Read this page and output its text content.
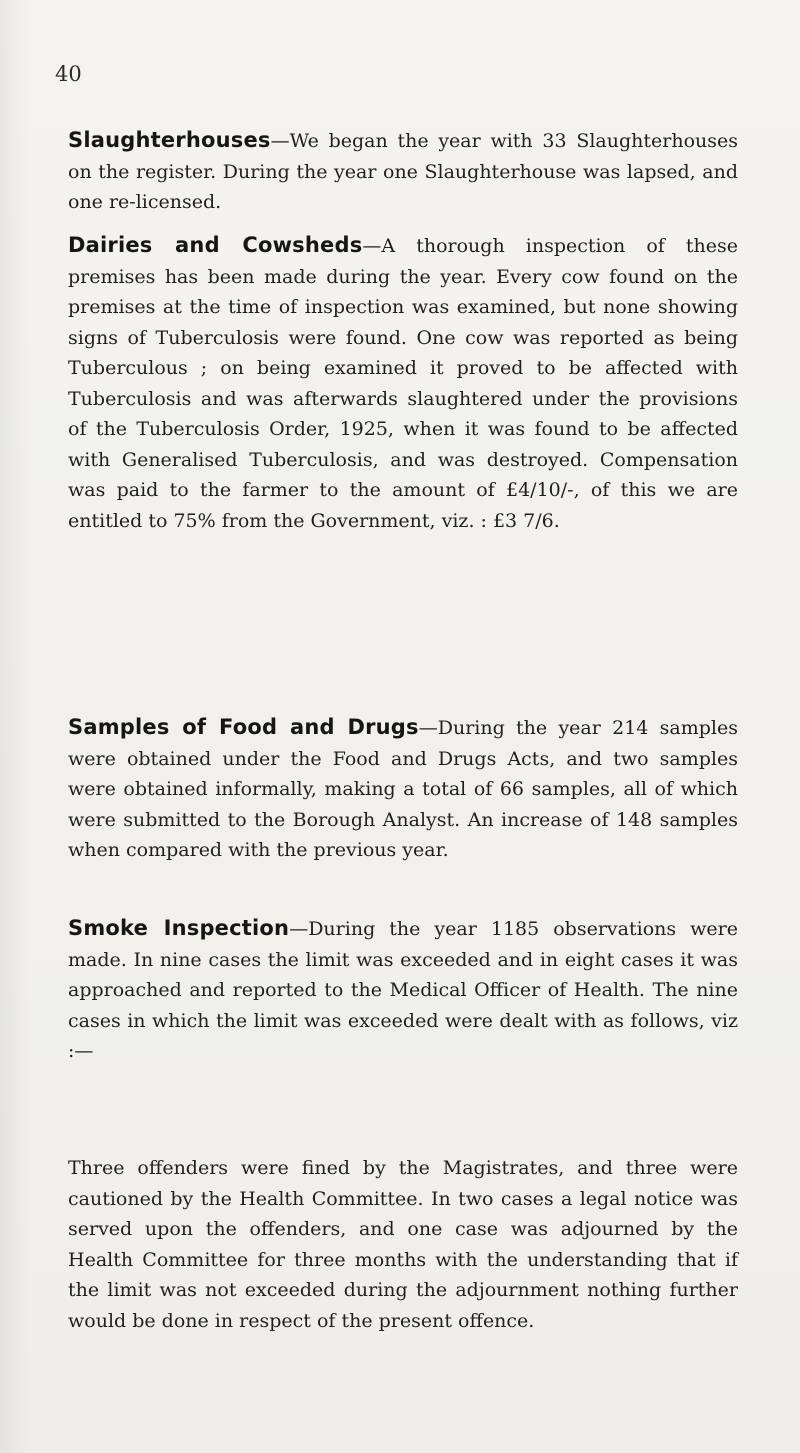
40

Slaughterhouses—We began the year with 33 Slaughterhouses on the register. During the year one Slaughterhouse was lapsed, and one re-licensed.

Dairies and Cowsheds—A thorough inspection of these premises has been made during the year. Every cow found on the premises at the time of inspection was examined, but none showing signs of Tuberculosis were found. One cow was reported as being Tuberculous ; on being examined it proved to be affected with Tuberculosis and was afterwards slaughtered under the provisions of the Tuberculosis Order, 1925, when it was found to be affected with Generalised Tuberculosis, and was destroyed. Compensation was paid to the farmer to the amount of £4/10/-, of this we are entitled to 75% from the Government, viz. : £3 7/6.

Samples of Food and Drugs—During the year 214 samples were obtained under the Food and Drugs Acts, and two samples were obtained informally, making a total of 66 samples, all of which were submitted to the Borough Analyst. An increase of 148 samples when compared with the previous year.

Smoke Inspection—During the year 1185 observations were made. In nine cases the limit was exceeded and in eight cases it was approached and reported to the Medical Officer of Health. The nine cases in which the limit was exceeded were dealt with as follows, viz :—

Three offenders were fined by the Magistrates, and three were cautioned by the Health Committee. In two cases a legal notice was served upon the offenders, and one case was adjourned by the Health Committee for three months with the understanding that if the limit was not exceeded during the adjournment nothing further would be done in respect of the present offence.
